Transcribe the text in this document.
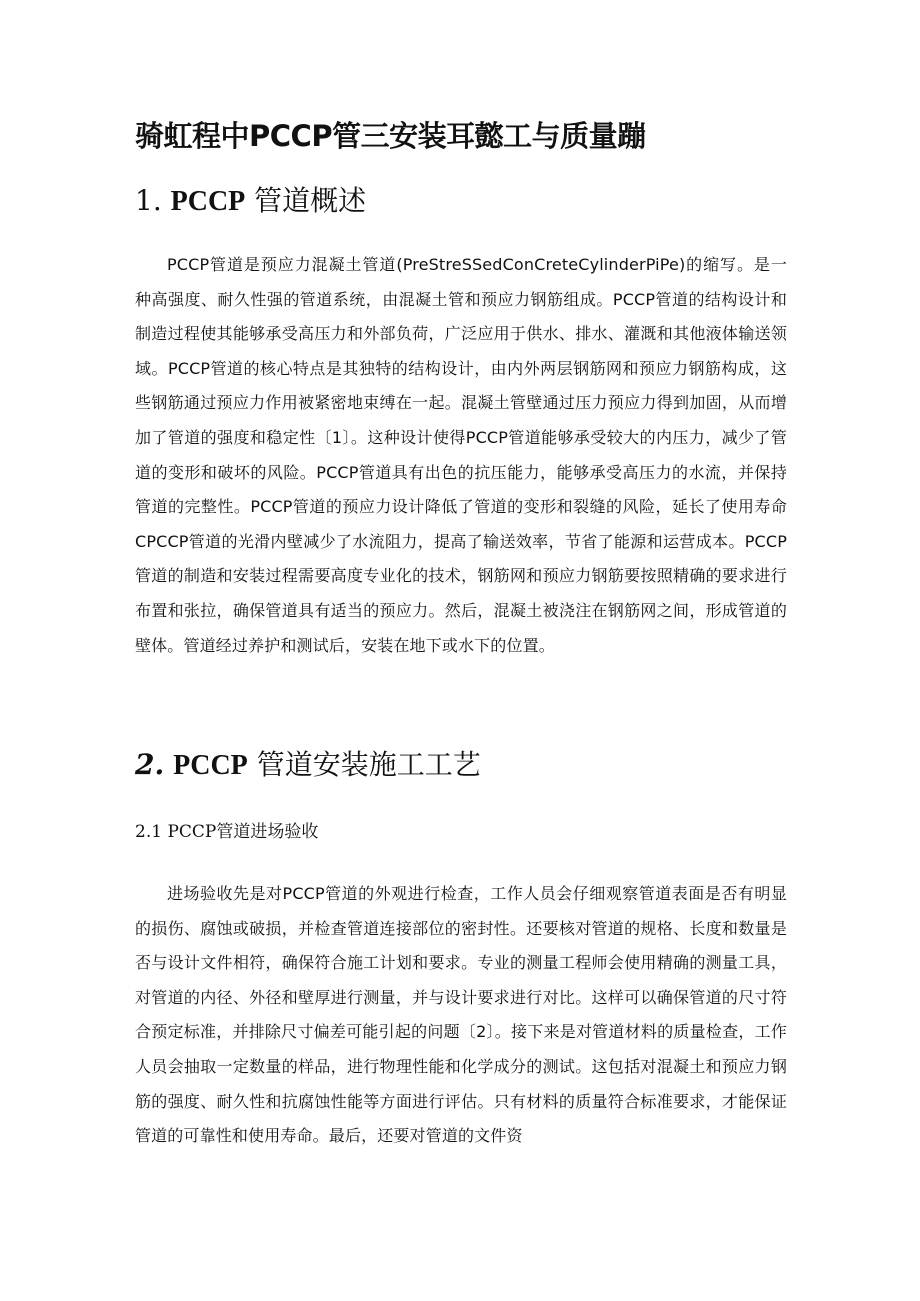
骑虹程中PCCP管三安装耳懿工与质量蹦
1. PCCP 管道概述

PCCP管道是预应力混凝土管道(PreStreSSedConCreteCylinderPiPe)的缩写。是一种高强度、耐久性强的管道系统，由混凝土管和预应力钢筋组成。PCCP管道的结构设计和制造过程使其能够承受高压力和外部负荷，广泛应用于供水、排水、灌溉和其他液体输送领域。PCCP管道的核心特点是其独特的结构设计，由内外两层钢筋网和预应力钢筋构成，这些钢筋通过预应力作用被紧密地束缚在一起。混凝土管壁通过压力预应力得到加固，从而增加了管道的强度和稳定性〔1〕。这种设计使得PCCP管道能够承受较大的内压力，减少了管道的变形和破坏的风险。PCCP管道具有出色的抗压能力，能够承受高压力的水流，并保持管道的完整性。PCCP管道的预应力设计降低了管道的变形和裂缝的风险，延长了使用寿命CPCCP管道的光滑内壁减少了水流阻力，提高了输送效率，节省了能源和运营成本。PCCP管道的制造和安装过程需要高度专业化的技术，钢筋网和预应力钢筋要按照精确的要求进行布置和张拉，确保管道具有适当的预应力。然后，混凝土被浇注在钢筋网之间，形成管道的壁体。管道经过养护和测试后，安装在地下或水下的位置。

2. PCCP 管道安装施工工艺
2.1 PCCP管道进场验收

进场验收先是对PCCP管道的外观进行检查，工作人员会仔细观察管道表面是否有明显的损伤、腐蚀或破损，并检查管道连接部位的密封性。还要核对管道的规格、长度和数量是否与设计文件相符，确保符合施工计划和要求。专业的测量工程师会使用精确的测量工具，对管道的内径、外径和壁厚进行测量，并与设计要求进行对比。这样可以确保管道的尺寸符合预定标准，并排除尺寸偏差可能引起的问题〔2〕。接下来是对管道材料的质量检查，工作人员会抽取一定数量的样品，进行物理性能和化学成分的测试。这包括对混凝土和预应力钢筋的强度、耐久性和抗腐蚀性能等方面进行评估。只有材料的质量符合标准要求，才能保证管道的可靠性和使用寿命。最后，还要对管道的文件资
